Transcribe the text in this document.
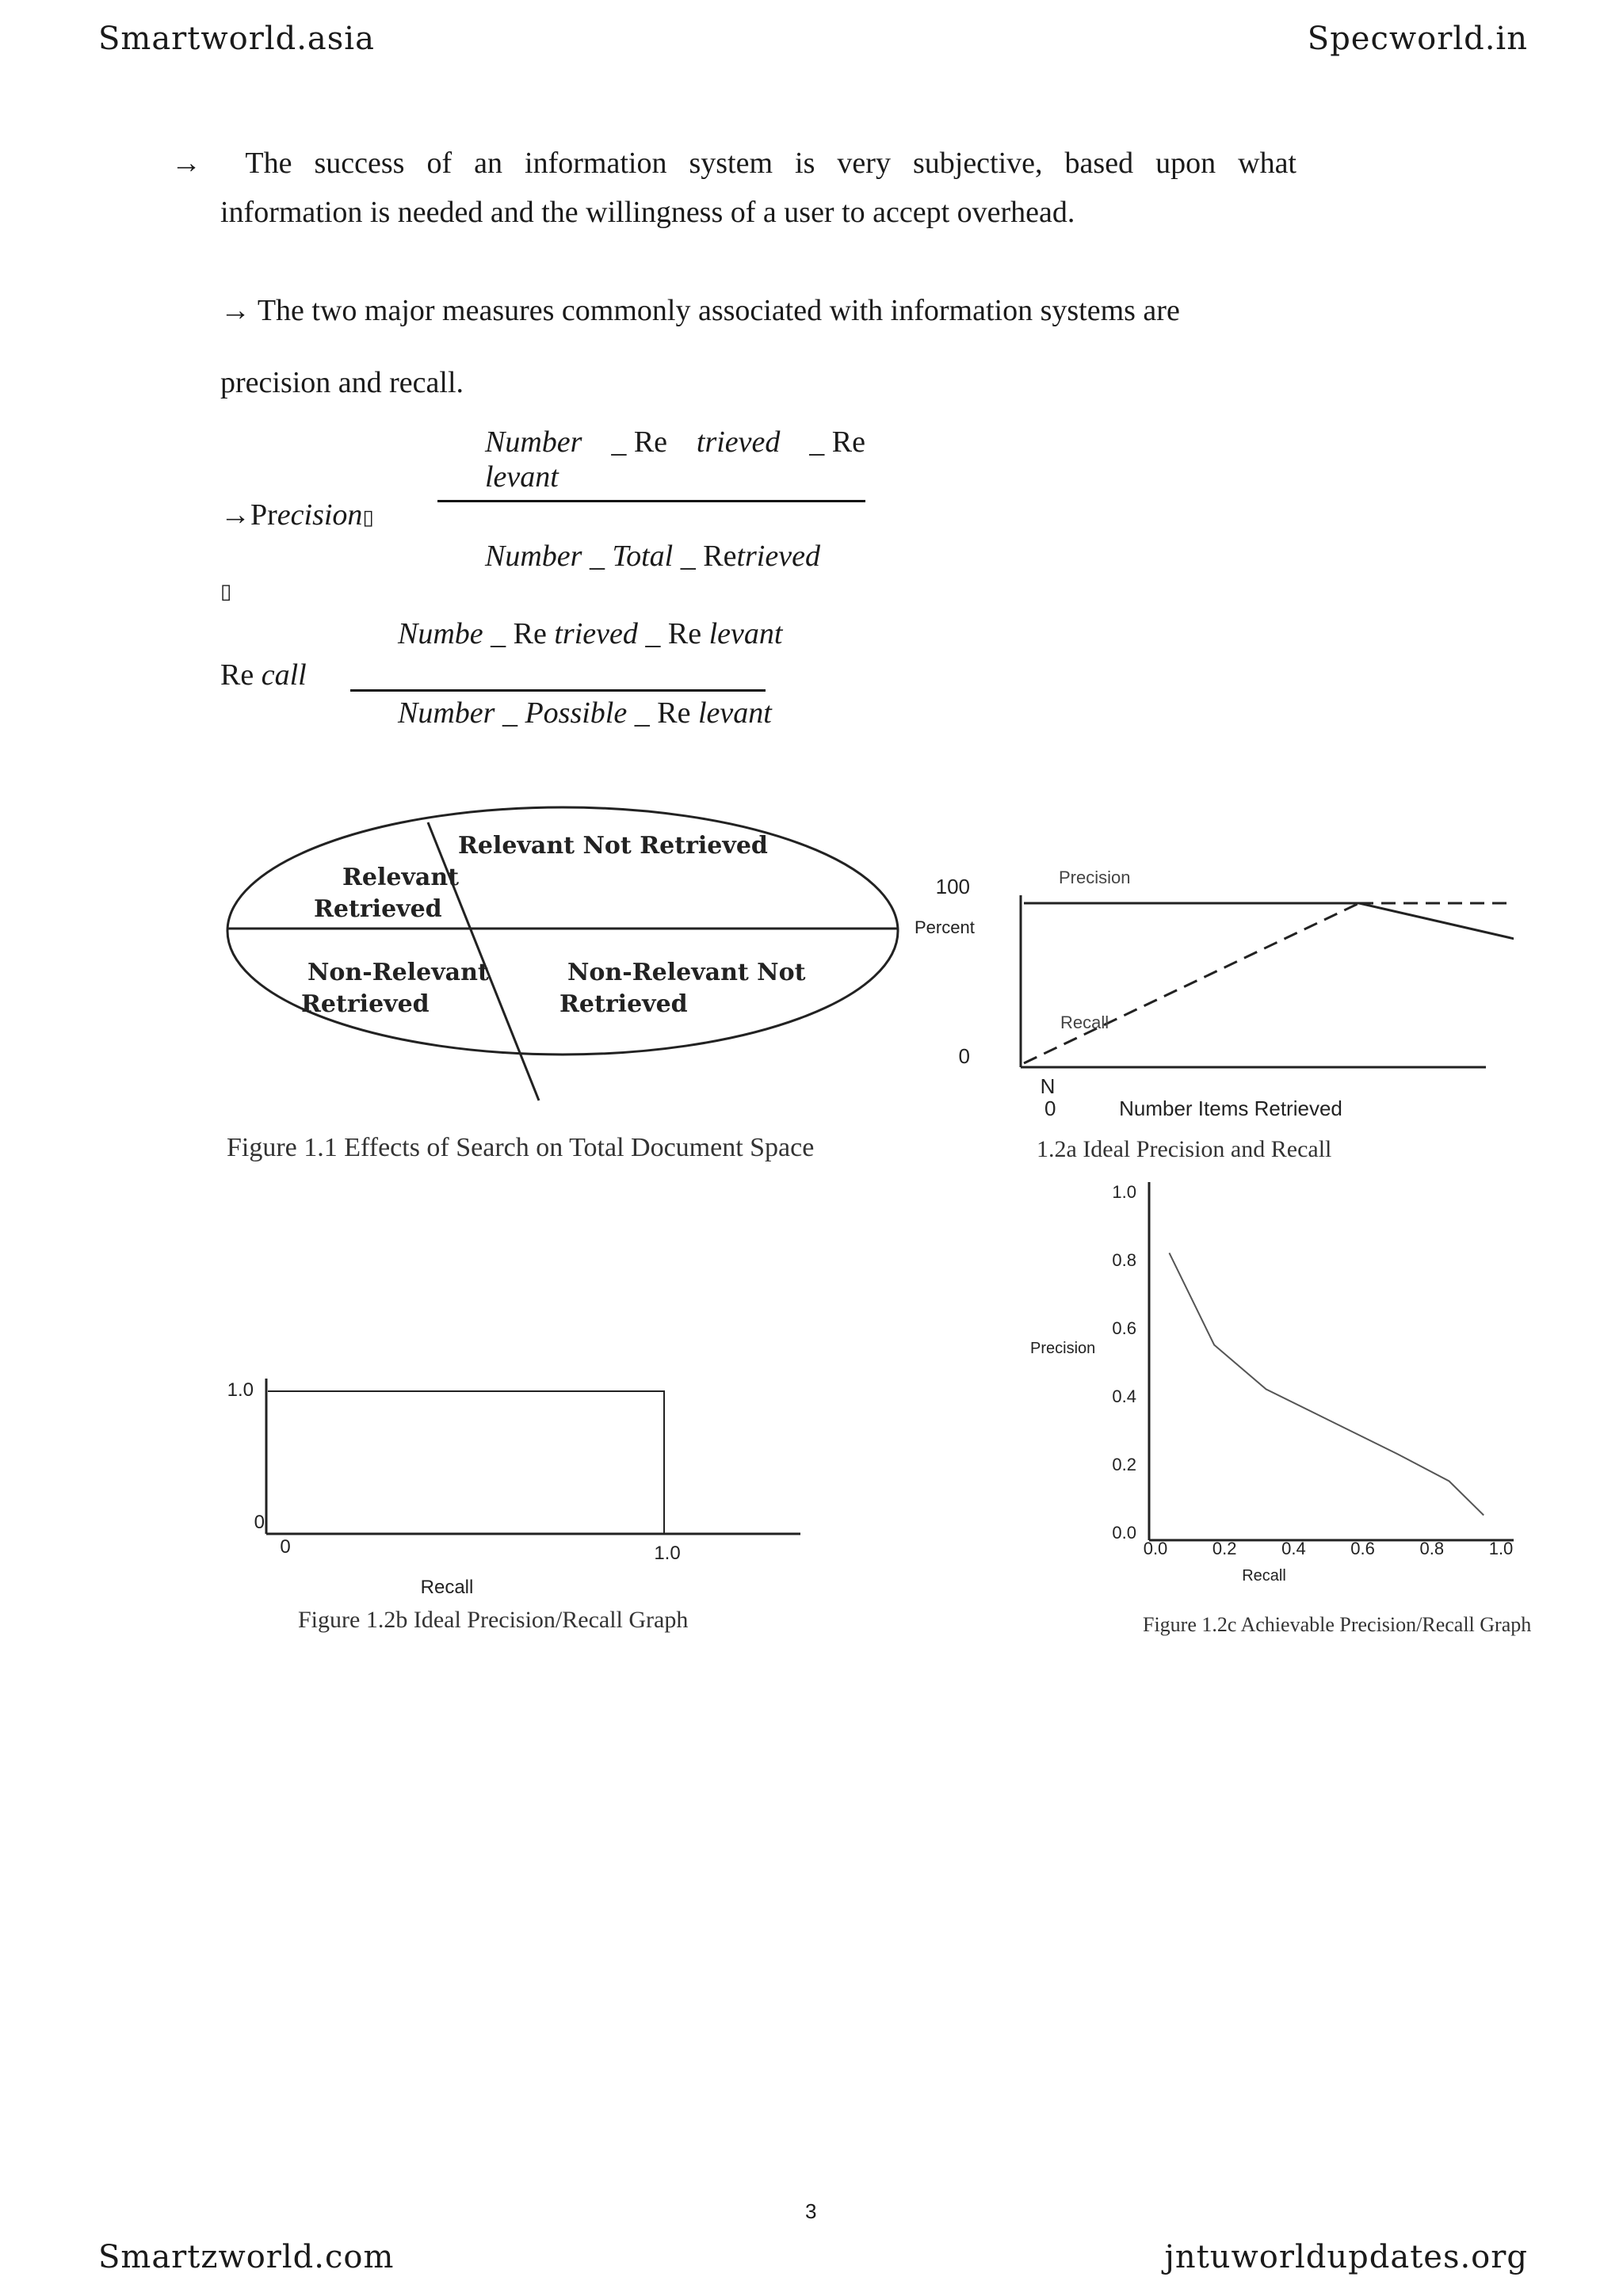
Smartworld.asia	Specworld.in
→ The success of an information system is very subjective, based upon what
information is needed and the willingness of a user to accept overhead.
→ The two major measures commonly associated with information systems are
precision and recall.
Number _ Re trieved _ Re
levant
→Precision▯
Number _ Total _ Retrieved
▯
Numbe _ Re trieved _ Re levant
Re call
Number _ Possible _ Re levant
Relevant Not Retrieved
Relevant
Retrieved
Non-Relevant
Retrieved
Non-Relevant Not
Retrieved
Figure 1.1 Effects of Search on Total Document Space
100
0
Percent
N
0	Number Items Retrieved
Precision
Recall
1.2a Ideal Precision and Recall
1.0
0
0	1.0
Recall
Figure 1.2b Ideal Precision/Recall Graph
Precision
Recall
0.0
0.2
0.4
0.6
0.8
1.0
0.0	0.2	0.4	0.6	0.8	1.0
Figure 1.2c Achievable Precision/Recall Graph
3
Smartzworld.com	jntuworldupdates.org
